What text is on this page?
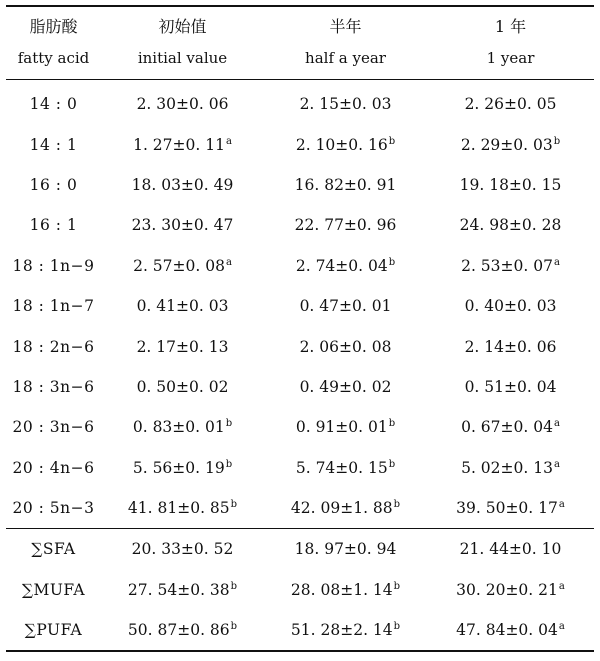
脂肪酸	初始值	半年	1 年
fatty acid	initial value	half a year	1 year
14 : 0	2. 30±0. 06	2. 15±0. 03	2. 26±0. 05
14 : 1	1. 27±0. 11$^a$	2. 10±0. 16$^b$	2. 29±0. 03$^b$
16 : 0	18. 03±0. 49	16. 82±0. 91	19. 18±0. 15
16 : 1	23. 30±0. 47	22. 77±0. 96	24. 98±0. 28
18 : 1n−9	2. 57±0. 08$^a$	2. 74±0. 04$^b$	2. 53±0. 07$^a$
18 : 1n−7	0. 41±0. 03	0. 47±0. 01	0. 40±0. 03
18 : 2n−6	2. 17±0. 13	2. 06±0. 08	2. 14±0. 06
18 : 3n−6	0. 50±0. 02	0. 49±0. 02	0. 51±0. 04
20 : 3n−6	0. 83±0. 01$^b$	0. 91±0. 01$^b$	0. 67±0. 04$^a$
20 : 4n−6	5. 56±0. 19$^b$	5. 74±0. 15$^b$	5. 02±0. 13$^a$
20 : 5n−3	41. 81±0. 85$^b$	42. 09±1. 88$^b$	39. 50±0. 17$^a$
∑SFA	20. 33±0. 52	18. 97±0. 94	21. 44±0. 10
∑MUFA	27. 54±0. 38$^b$	28. 08±1. 14$^b$	30. 20±0. 21$^a$
∑PUFA	50. 87±0. 86$^b$	51. 28±2. 14$^b$	47. 84±0. 04$^a$
